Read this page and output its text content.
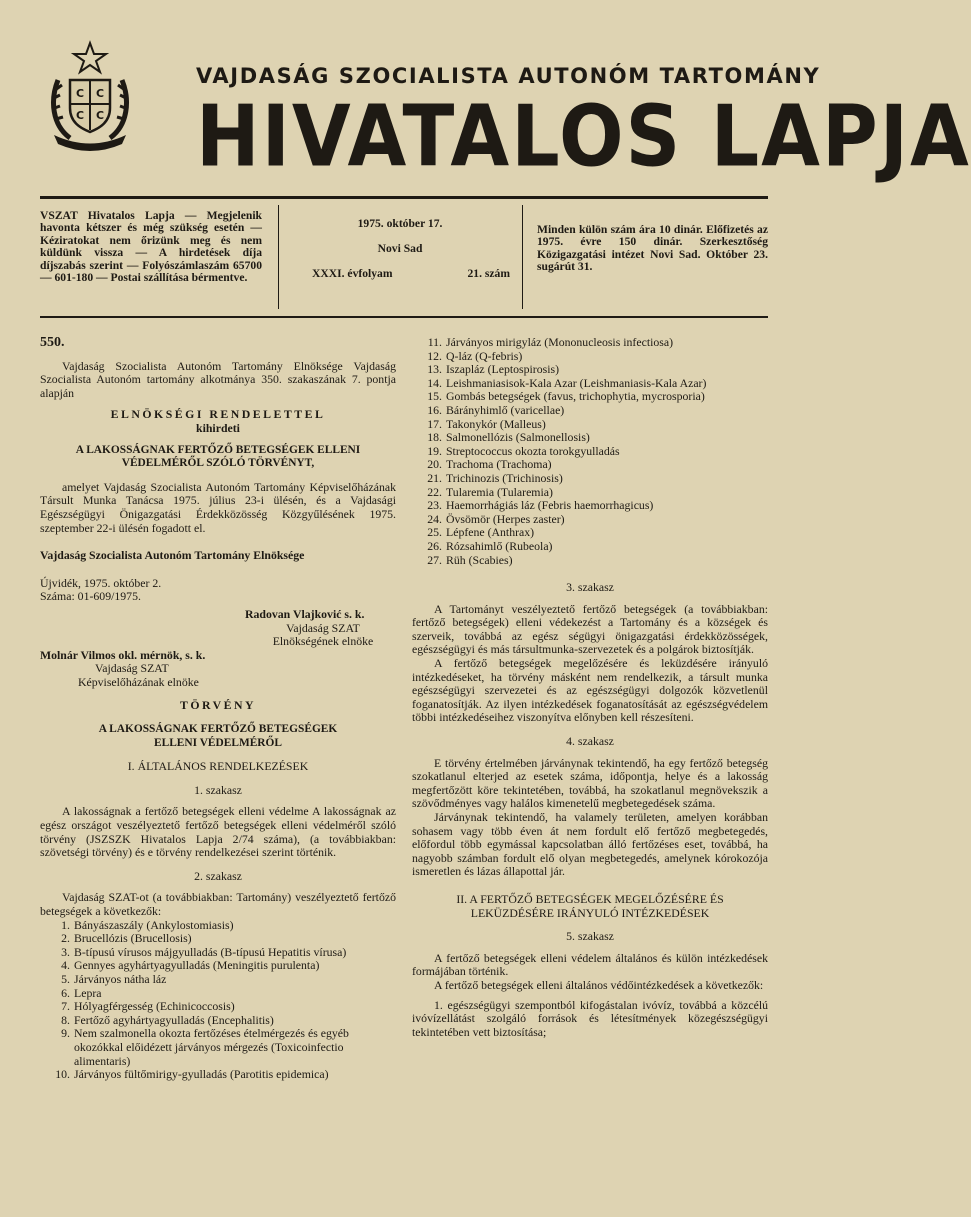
C C
C C
VAJDASÁG SZOCIALISTA AUTONÓM TARTOMÁNY
HIVATALOS LAPJA
VSZAT Hivatalos Lapja — Megjelenik havonta kétszer és még szükség esetén — Kéziratokat nem őrizünk meg és nem küldünk vissza — A hirdetések díja díjszabás szerint — Folyószámlaszám 65700 — 601-180 — Postai szállítása bérmentve.
1975. október 17.
Novi Sad
XXXI. évfolyam	21. szám
Minden külön szám ára 10 dinár. Előfizetés az 1975. évre 150 dinár. Szerkesztőség Közigazgatási intézet Novi Sad. Október 23. sugárút 31.

550.

Vajdaság Szocialista Autonóm Tartomány Elnöksége Vajdaság Szocialista Autonóm tartomány alkotmánya 350. szakaszának 7. pontja alapján

ELNÖKSÉGI RENDELETTEL

kihirdeti

A LAKOSSÁGNAK FERTŐZŐ BETEGSÉGEK ELLENI VÉDELMÉRŐL SZÓLÓ TÖRVÉNYT,

amelyet Vajdaság Szocialista Autonóm Tartomány Képviselőházának Társult Munka Tanácsa 1975. július 23-i ülésén, és a Vajdasági Egészségügyi Önigazgatási Érdekközösség Közgyűlésének 1975. szeptember 22-i ülésén fogadott el.

Vajdaság Szocialista Autonóm Tartomány Elnöksége

Újvidék, 1975. október 2.

Száma: 01-609/1975.

Radovan Vlajković s. k.

Vajdaság SZAT

Elnökségének elnöke

Molnár Vilmos okl. mérnök, s. k.

Vajdaság SZAT

Képviselőházának elnöke

TÖRVÉNY

A LAKOSSÁGNAK FERTŐZŐ BETEGSÉGEK ELLENI VÉDELMÉRŐL

I. ÁLTALÁNOS RENDELKEZÉSEK

1. szakasz

A lakosságnak a fertőző betegségek elleni védelme A lakosságnak az egész országot veszélyeztető fertőző betegségek elleni védelméről szóló törvény (JSZSZK Hivatalos Lapja 2/74 száma), (a továbbiakban: szövetségi törvény) és e törvény rendelkezései szerint történik.

2. szakasz

Vajdaság SZAT-ot (a továbbiakban: Tartomány) veszélyeztető fertőző betegségek a következők:

1. Bányászaszály (Ankylostomiasis)
2. Brucellózis (Brucellosis)
3. B-típusú vírusos májgyulladás (B-típusú Hepatitis vírusa)
4. Gennyes agyhártyagyulladás (Meningitis purulenta)
5. Járványos nátha láz
6. Lepra
7. Hólyagférgesség (Echinicoccosis)
8. Fertőző agyhártyagyulladás (Encephalitis)
9. Nem szalmonella okozta fertőzéses ételmérgezés és egyéb okozókkal előidézett járványos mérgezés (Toxicoinfectio alimentaris)
10. Járványos fültőmirigy-gyulladás (Parotitis epidemica)
11. Járványos mirigyláz (Mononucleosis infectiosa)
12. Q-láz (Q-febris)
13. Iszapláz (Leptospirosis)
14. Leishmaniasisok-Kala Azar (Leishmaniasis-Kala Azar)
15. Gombás betegségek (favus, trichophytia, mycrosporia)
16. Bárányhimlő (varicellae)
17. Takonykór (Malleus)
18. Salmonellózis (Salmonellosis)
19. Streptococcus okozta torokgyulladás
20. Trachoma (Trachoma)
21. Trichinozis (Trichinosis)
22. Tularemia (Tularemia)
23. Haemorrhágiás láz (Febris haemorrhagicus)
24. Övsömör (Herpes zaster)
25. Lépfene (Anthrax)
26. Rózsahimlő (Rubeola)
27. Rüh (Scabies)

3. szakasz

A Tartományt veszélyeztető fertőző betegségek (a továbbiakban: fertőző betegségek) elleni védekezést a Tartomány és a községek és szerveik, továbbá az egész ségügyi önigazgatási érdekközösségek, egészségügyi és más társultmunka-szervezetek és a polgárok biztosítják.

A fertőző betegségek megelőzésére és leküzdésére irányuló intézkedéseket, ha törvény másként nem rendelkezik, a társult munka egészségügyi szervezetei és az egészségügyi dolgozók közvetlenül foganatosítják. Az ilyen intézkedések foganatosítását az egészségvédelem többi intézkedéseihez viszonyítva előnyben kell részesíteni.

4. szakasz

E törvény értelmében járványnak tekintendő, ha egy fertőző betegség szokatlanul elterjed az esetek száma, időpontja, helye és a lakosság megfertőzött köre tekintetében, továbbá, ha szokatlanul megnövekszik a szövődményes vagy halálos kimenetelű megbetegedések száma.

Járványnak tekintendő, ha valamely területen, amelyen korábban sohasem vagy több éven át nem fordult elő fertőző megbetegedés, előfordul több egymással kapcsolatban álló fertőzéses eset, továbbá, ha nagyobb számban fordult elő olyan megbetegedés, amelynek kórokozója ismeretlen és lázas állapottal jár.

II. A FERTŐZŐ BETEGSÉGEK MEGELŐZÉSÉRE ÉS LEKÜZDÉSÉRE IRÁNYULÓ INTÉZKEDÉSEK

5. szakasz

A fertőző betegségek elleni védelem általános és külön intézkedések formájában történik.

A fertőző betegségek elleni általános védőintézkedések a következők:

1. egészségügyi szempontból kifogástalan ivóvíz, továbbá a közcélú ivóvízellátást szolgáló források és létesítmények közegészségügyi tekintetében vett biztosítása;
